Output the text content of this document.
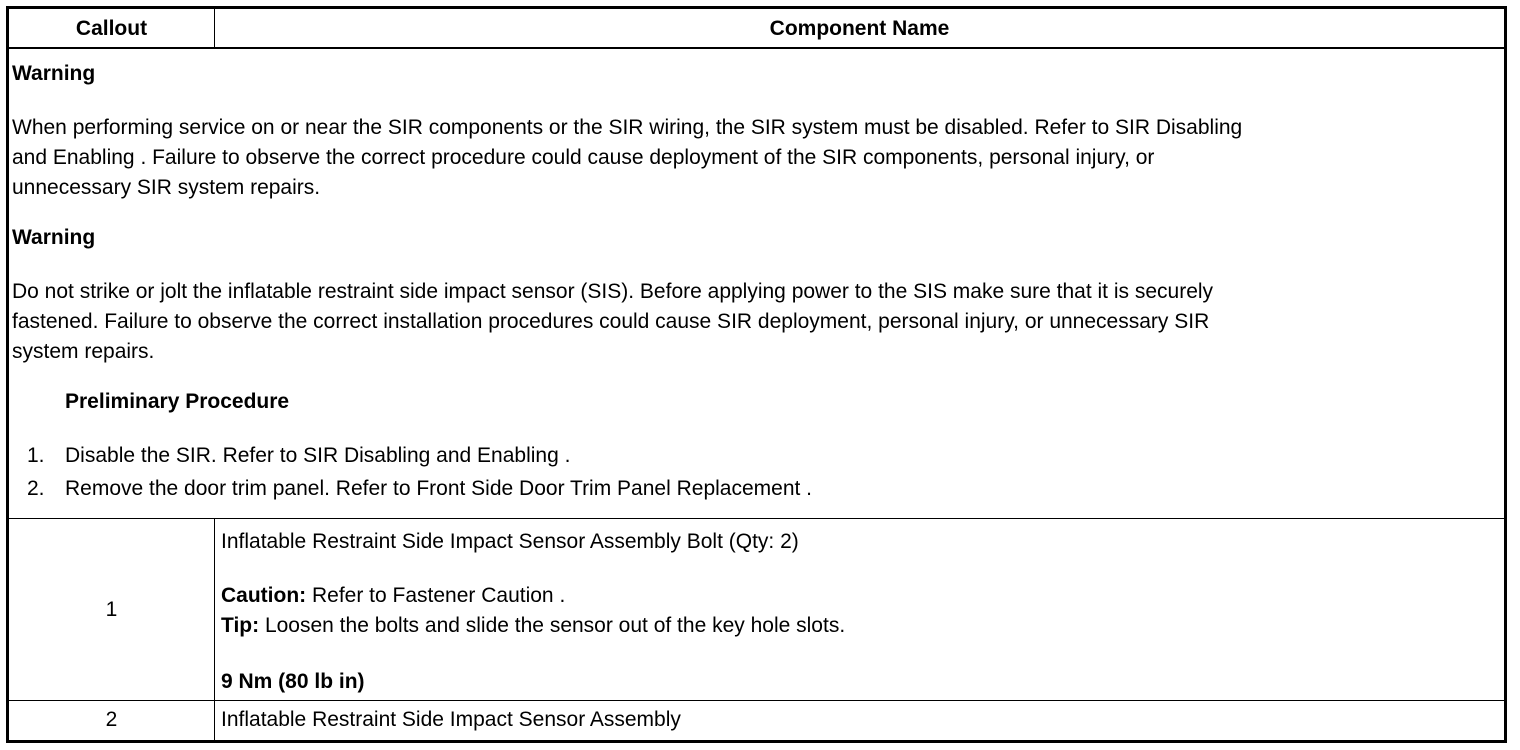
Callout	Component Name
Warning

When performing service on or near the SIR components or the SIR wiring, the SIR system must be disabled. Refer to SIR Disabling

and Enabling . Failure to observe the correct procedure could cause deployment of the SIR components, personal injury, or

unnecessary SIR system repairs.

Warning

Do not strike or jolt the inflatable restraint side impact sensor (SIS). Before applying power to the SIS make sure that it is securely

fastened. Failure to observe the correct installation procedures could cause SIR deployment, personal injury, or unnecessary SIR

system repairs.

Preliminary Procedure
1. Disable the SIR. Refer to SIR Disabling and Enabling .
2. Remove the door trim panel. Refer to Front Side Door Trim Panel Replacement .
1
Inflatable Restraint Side Impact Sensor Assembly Bolt (Qty: 2)
Caution: Refer to Fastener Caution .
Tip: Loosen the bolts and slide the sensor out of the key hole slots.
9 Nm (80 lb in)
2	Inflatable Restraint Side Impact Sensor Assembly
